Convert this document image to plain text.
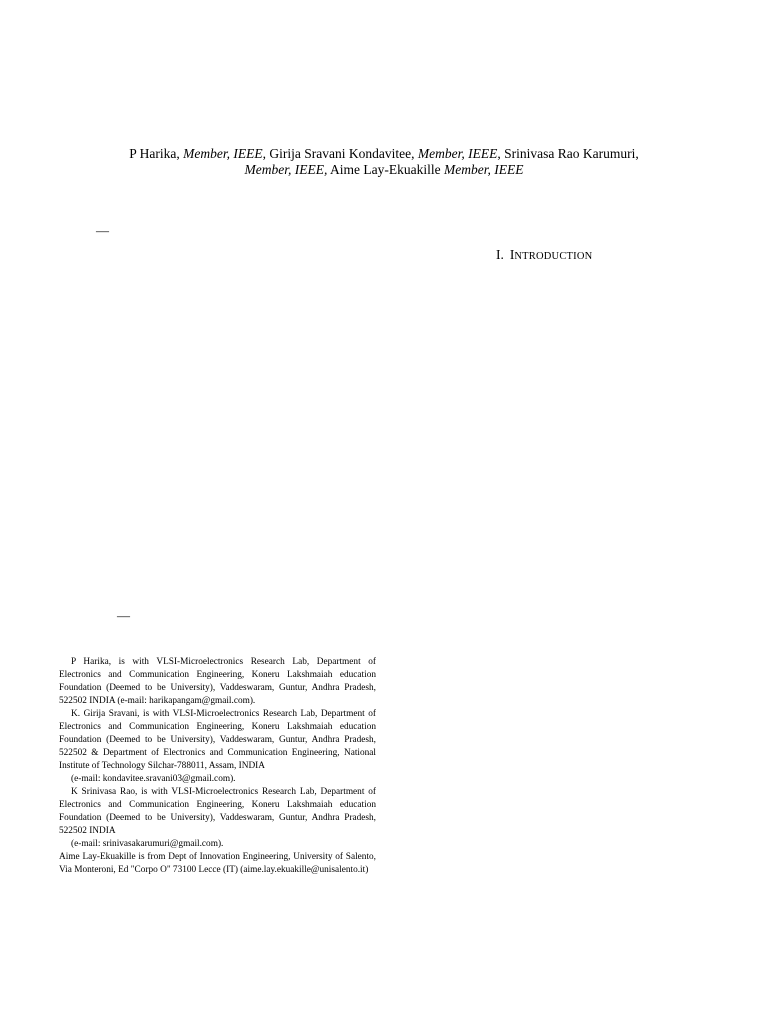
P Harika, Member, IEEE, Girija Sravani Kondavitee, Member, IEEE, Srinivasa Rao Karumuri,
Member, IEEE, Aime Lay-Ekuakille Member, IEEE
—
I. INTRODUCTION
—

P Harika, is with VLSI-Microelectronics Research Lab, Department of Electronics and Communication Engineering, Koneru Lakshmaiah education Foundation (Deemed to be University), Vaddeswaram, Guntur, Andhra Pradesh, 522502 INDIA (e-mail: harikapangam@gmail.com).

K. Girija Sravani, is with VLSI-Microelectronics Research Lab, Department of Electronics and Communication Engineering, Koneru Lakshmaiah education Foundation (Deemed to be University), Vaddeswaram, Guntur, Andhra Pradesh, 522502 & Department of Electronics and Communication Engineering, National Institute of Technology Silchar-788011, Assam, INDIA

(e-mail: kondavitee.sravani03@gmail.com).

K Srinivasa Rao, is with VLSI-Microelectronics Research Lab, Department of Electronics and Communication Engineering, Koneru Lakshmaiah education Foundation (Deemed to be University), Vaddeswaram, Guntur, Andhra Pradesh, 522502 INDIA

(e-mail: srinivasakarumuri@gmail.com).

Aime Lay-Ekuakille is from Dept of Innovation Engineering, University of Salento, Via Monteroni, Ed "Corpo O" 73100 Lecce (IT) (aime.lay.ekuakille@unisalento.it)
